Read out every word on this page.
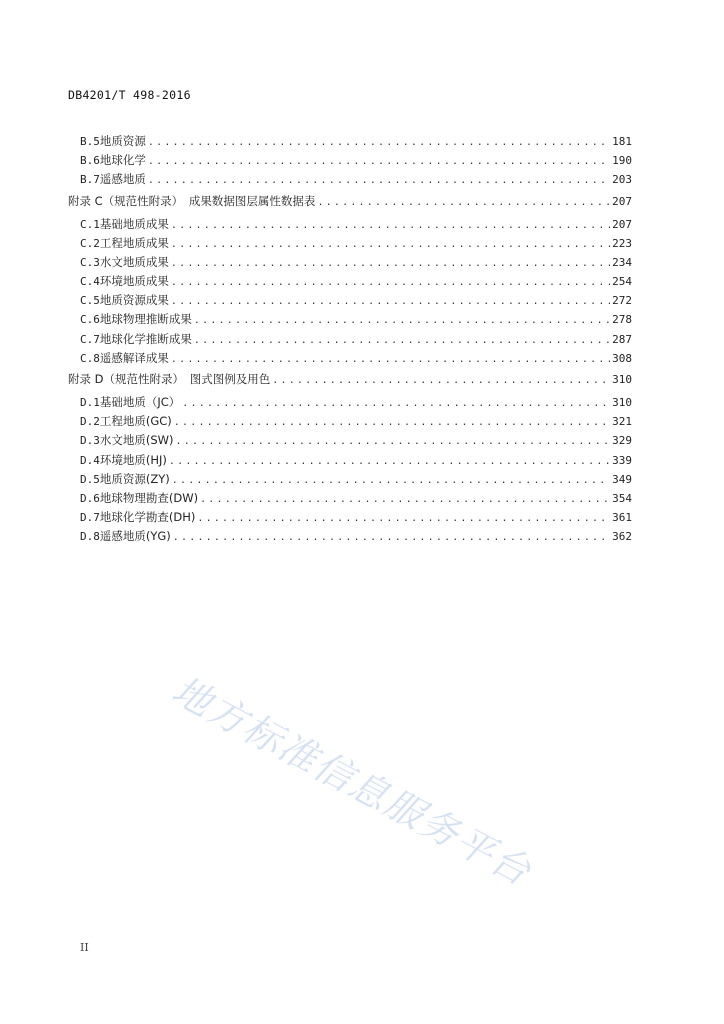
DB4201/T 498-2016
B.5 地质资源 .....	181
B.6 地球化学 .....	190
B.7 遥感地质 .....	203
附录 C（规范性附录）　成果数据图层属性数据表 .....	207
C.1 基础地质成果 .....	207
C.2 工程地质成果 .....	223
C.3 水文地质成果 .....	234
C.4 环境地质成果 .....	254
C.5 地质资源成果 .....	272
C.6 地球物理推断成果 .....	278
C.7 地球化学推断成果 .....	287
C.8 遥感解译成果 .....	308
附录 D（规范性附录）　图式图例及用色 .....	310
D.1 基础地质（JC） .....	310
D.2 工程地质(GC) .....	321
D.3 水文地质(SW) .....	329
D.4 环境地质(HJ) .....	339
D.5 地质资源(ZY) .....	349
D.6 地球物理勘查(DW) .....	354
D.7 地球化学勘查(DH) .....	361
D.8 遥感地质(YG) .....	362
地方标准信息服务平台
II
